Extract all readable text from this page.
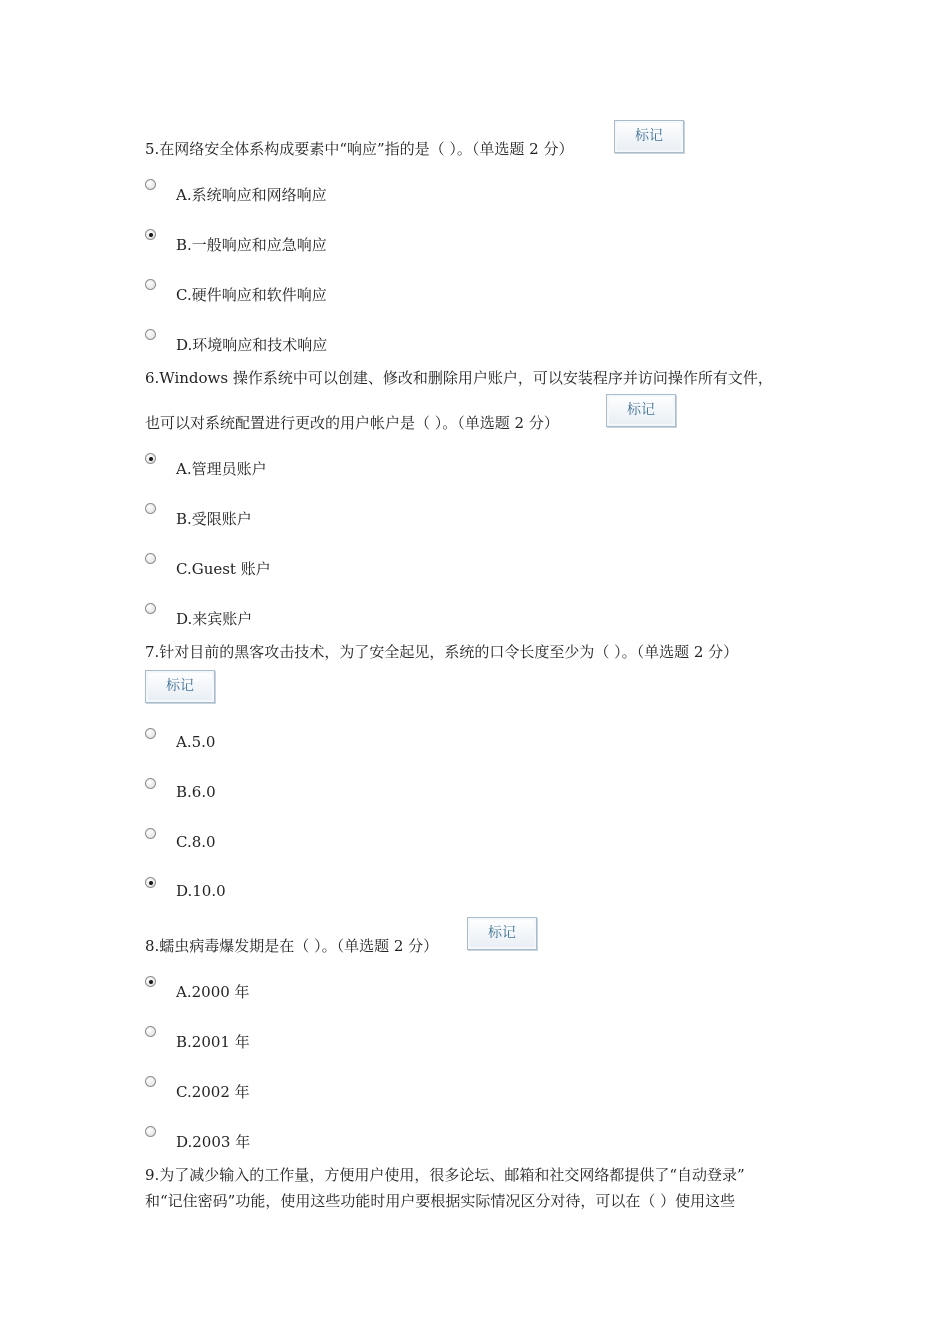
5.在网络安全体系构成要素中“响应”指的是（ ）。（单选题 2 分）
标记
A.系统响应和网络响应
B.一般响应和应急响应
C.硬件响应和软件响应
D.环境响应和技术响应
6.Windows 操作系统中可以创建、修改和删除用户账户，可以安装程序并访问操作所有文件，
也可以对系统配置进行更改的用户帐户是（ ）。（单选题 2 分）
标记
A.管理员账户
B.受限账户
C.Guest 账户
D.来宾账户
7.针对目前的黑客攻击技术，为了安全起见，系统的口令长度至少为（ ）。（单选题 2 分）
标记
A.5.0
B.6.0
C.8.0
D.10.0
8.蠕虫病毒爆发期是在（ ）。（单选题 2 分）
标记
A.2000 年
B.2001 年
C.2002 年
D.2003 年
9.为了减少输入的工作量，方便用户使用，很多论坛、邮箱和社交网络都提供了“自动登录”
和“记住密码”功能，使用这些功能时用户要根据实际情况区分对待，可以在（ ）使用这些
